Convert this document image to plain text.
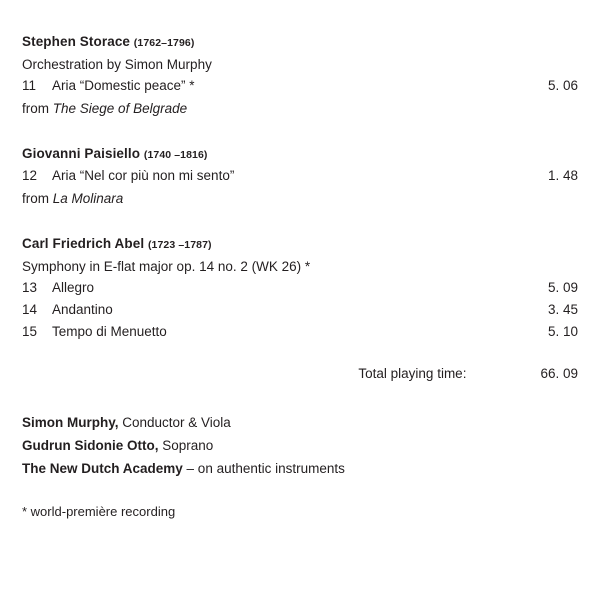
Stephen Storace (1762–1796)
Orchestration by Simon Murphy
11	Aria “Domestic peace” *	5. 06
from The Siege of Belgrade
Giovanni Paisiello (1740 –1816)
12	Aria “Nel cor più non mi sento”	1. 48
from La Molinara
Carl Friedrich Abel (1723 –1787)
Symphony in E-flat major op. 14 no. 2 (WK 26) *
13	Allegro	5. 09
14	Andantino	3. 45
15	Tempo di Menuetto	5. 10
Total playing time:	66. 09
Simon Murphy, Conductor & Viola
Gudrun Sidonie Otto, Soprano
The New Dutch Academy – on authentic instruments
* world-première recording
